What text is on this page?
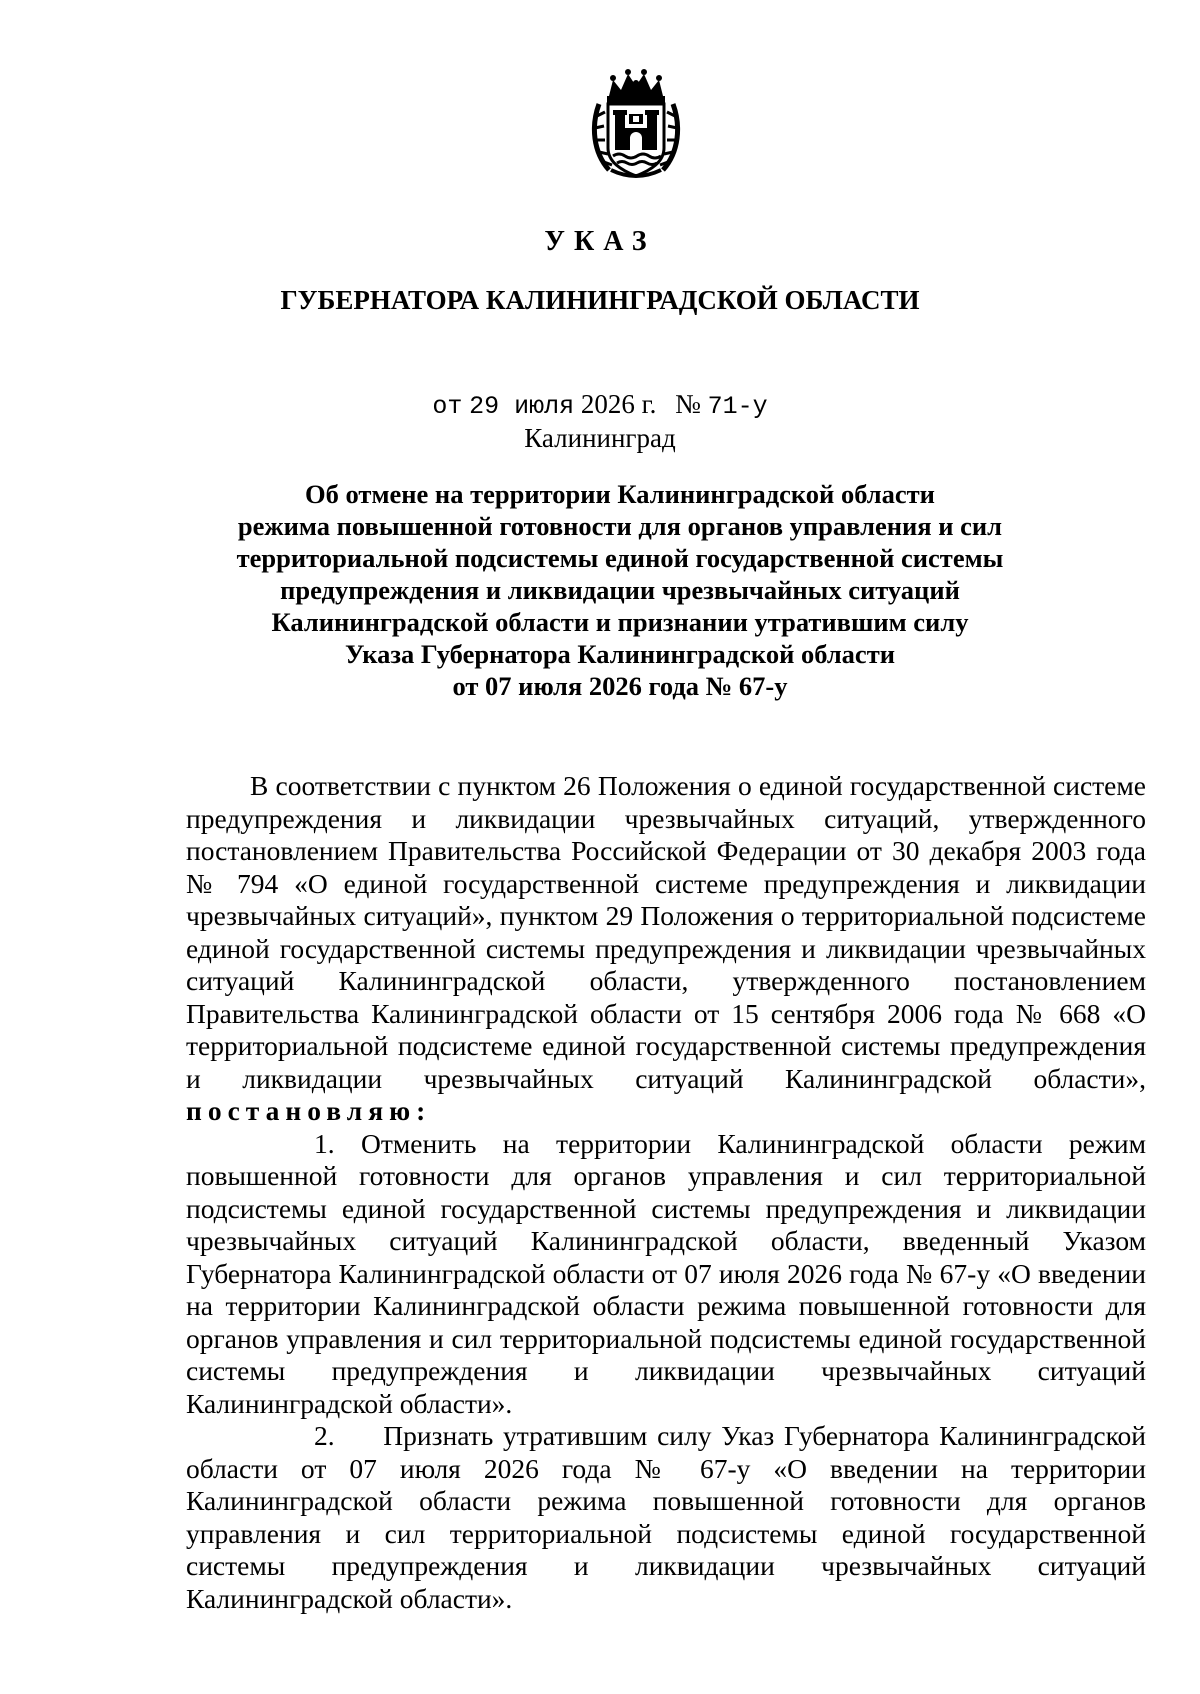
УКАЗ
ГУБЕРНАТОРА КАЛИНИНГРАДСКОЙ ОБЛАСТИ
от 29 июля 2026 г. № 71-у
Калининград
Об отмене на территории Калининградской области
режима повышенной готовности для органов управления и сил
территориальной подсистемы единой государственной системы
предупреждения и ликвидации чрезвычайных ситуаций
Калининградской области и признании утратившим силу
Указа Губернатора Калининградской области
от 07 июля 2026 года № 67-у

В соответствии с пунктом 26 Положения о единой государственной системе предупреждения и ликвидации чрезвычайных ситуаций, утвержденного постановлением Правительства Российской Федерации от 30 декабря 2003 года № 794 «О единой государственной системе предупреждения и ликвидации чрезвычайных ситуаций», пунктом 29 Положения о территориальной подсистеме единой государственной системы предупреждения и ликвидации чрезвычайных ситуаций Калининградской области, утвержденного постановлением Правительства Калининградской области от 15 сентября 2006 года № 668 «О территориальной подсистеме единой государственной системы предупреждения и ликвидации чрезвычайных ситуаций Калининградской области», постановляю:

1. Отменить на территории Калининградской области режим повышенной готовности для органов управления и сил территориальной подсистемы единой государственной системы предупреждения и ликвидации чрезвычайных ситуаций Калининградской области, введенный Указом Губернатора Калининградской области от 07 июля 2026 года № 67-у «О введении на территории Калининградской области режима повышенной готовности для органов управления и сил территориальной подсистемы единой государственной системы предупреждения и ликвидации чрезвычайных ситуаций Калининградской области».

2. Признать утратившим силу Указ Губернатора Калининградской области от 07 июля 2026 года № 67-у «О введении на территории Калининградской области режима повышенной готовности для органов управления и сил территориальной подсистемы единой государственной системы предупреждения и ликвидации чрезвычайных ситуаций Калининградской области».
